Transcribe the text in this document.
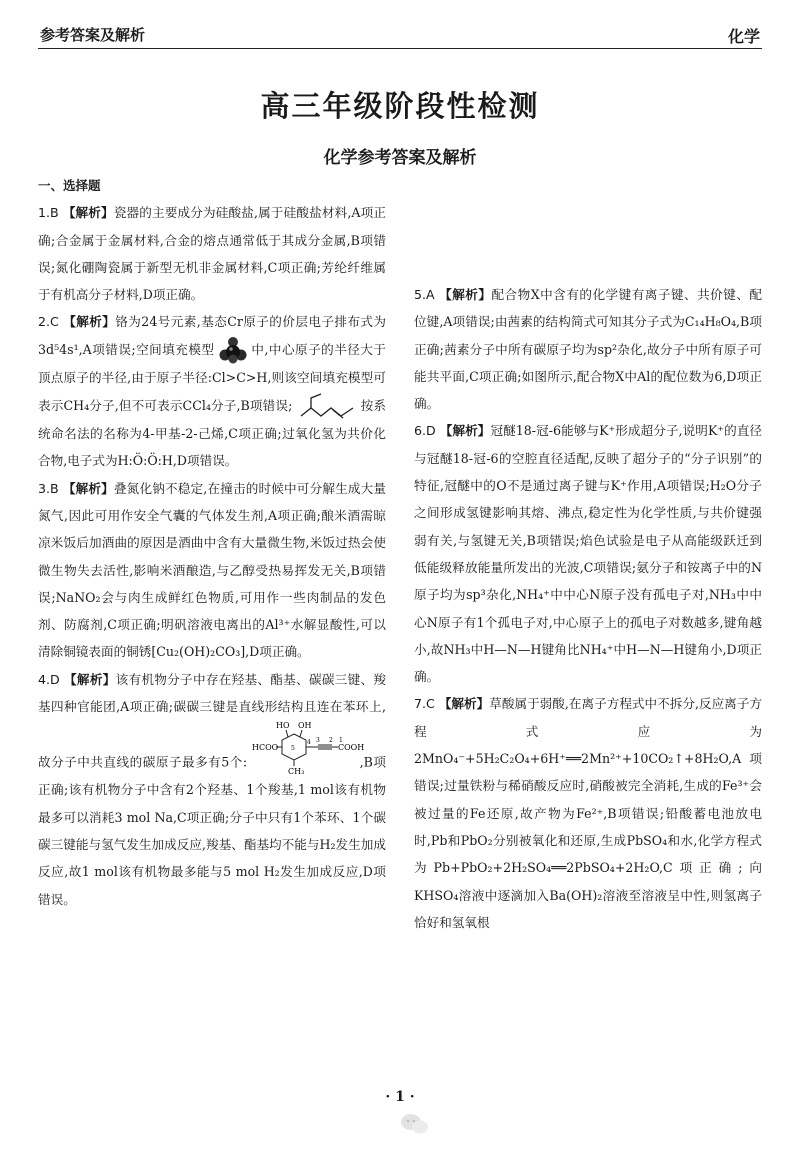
参考答案及解析	化学
高三年级阶段性检测
化学参考答案及解析
一、选择题
1.B 【解析】瓷器的主要成分为硅酸盐,属于硅酸盐材料,A项正确;合金属于金属材料,合金的熔点通常低于其成分金属,B项错误;氮化硼陶瓷属于新型无机非金属材料,C项正确;芳纶纤维属于有机高分子材料,D项正确。
2.C 【解析】铬为24号元素,基态Cr原子的价层电子排布式为3d⁵4s¹,A项错误;空间填充模型	中,中心原子的半径大于顶点原子的半径,由于原子半径:Cl>C>H,则该空间填充模型可表示CH₄分子,但不可表示CCl₄分子,B项错误;	按系统命名法的名称为4-甲基-2-己烯,C项正确;过氧化氢为共价化合物,电子式为H:Ö:Ö:H,D项错误。
3.B 【解析】叠氮化钠不稳定,在撞击的时候中可分解生成大量氮气,因此可用作安全气囊的气体发生剂,A项正确;酿米酒需晾凉米饭后加酒曲的原因是酒曲中含有大量微生物,米饭过热会使微生物失去活性,影响米酒酿造,与乙醇受热易挥发无关,B项错误;NaNO₂会与肉生成鲜红色物质,可用作一些肉制品的发色剂、防腐剂,C项正确;明矾溶液电离出的Al³⁺水解显酸性,可以清除铜镜表面的铜锈[Cu₂(OH)₂CO₃],D项正确。
4.D 【解析】该有机物分子中存在羟基、酯基、碳碳三键、羧基四种官能团,A项正确;碳碳三键是直线形结构且连在苯环上,故分子中共直线的碳原子最多有5个:
HO OH
HCOO
4
5
3 2 1
COOH
CH₃
,B项正确;该有机物分子中含有2个羟基、1个羧基,1 mol该有机物最多可以消耗3 mol Na,C项正确;分子中只有1个苯环、1个碳碳三键能与氢气发生加成反应,羧基、酯基均不能与H₂发生加成反应,故1 mol该有机物最多能与5 mol H₂发生加成反应,D项错误。
5.A 【解析】配合物X中含有的化学键有离子键、共价键、配位键,A项错误;由茜素的结构简式可知其分子式为C₁₄H₈O₄,B项正确;茜素分子中所有碳原子均为sp²杂化,故分子中所有原子可能共平面,C项正确;如图所示,配合物X中Al的配位数为6,D项正确。
6.D 【解析】冠醚18-冠-6能够与K⁺形成超分子,说明K⁺的直径与冠醚18-冠-6的空腔直径适配,反映了超分子的“分子识别”的特征,冠醚中的O不是通过离子键与K⁺作用,A项错误;H₂O分子之间形成氢键影响其熔、沸点,稳定性为化学性质,与共价键强弱有关,与氢键无关,B项错误;焰色试验是电子从高能级跃迁到低能级释放能量所发出的光波,C项错误;氨分子和铵离子中的N原子均为sp³杂化,NH₄⁺中中心N原子没有孤电子对,NH₃中中心N原子有1个孤电子对,中心原子上的孤电子对数越多,键角越小,故NH₃中H—N—H键角比NH₄⁺中H—N—H键角小,D项正确。
7.C 【解析】草酸属于弱酸,在离子方程式中不拆分,反应离子方程式应为2MnO₄⁻+5H₂C₂O₄+6H⁺══2Mn²⁺+10CO₂↑+8H₂O,A项错误;过量铁粉与稀硝酸反应时,硝酸被完全消耗,生成的Fe³⁺会被过量的Fe还原,故产物为Fe²⁺,B项错误;铅酸蓄电池放电时,Pb和PbO₂分别被氧化和还原,生成PbSO₄和水,化学方程式为Pb+PbO₂+2H₂SO₄══2PbSO₄+2H₂O,C项正确;向KHSO₄溶液中逐滴加入Ba(OH)₂溶液至溶液呈中性,则氢离子恰好和氢氧根
· 1 ·
